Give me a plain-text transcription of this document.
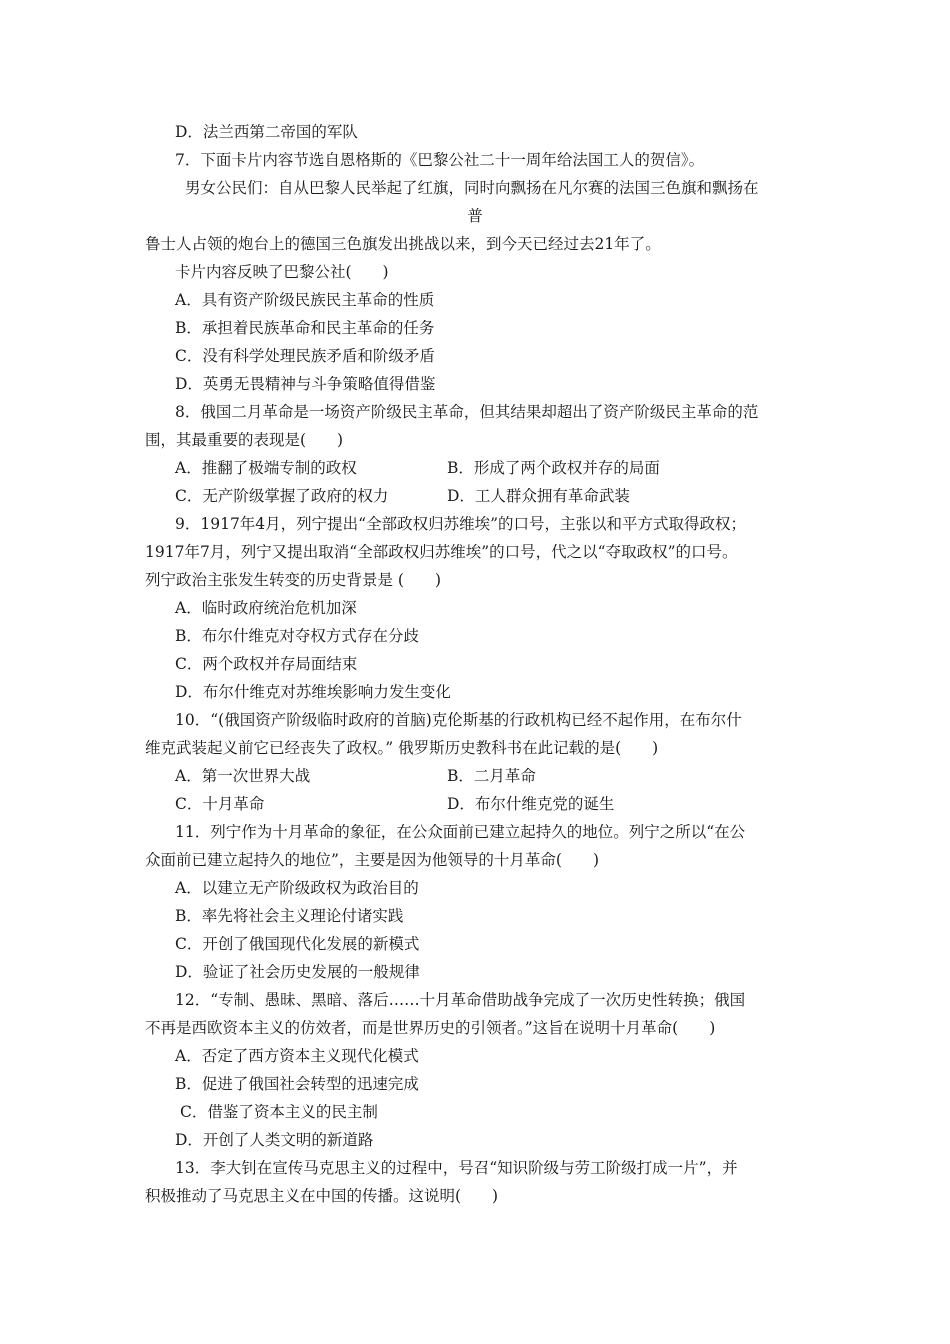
D．法兰西第二帝国的军队
7．下面卡片内容节选自恩格斯的《巴黎公社二十一周年给法国工人的贺信》。
男女公民们：自从巴黎人民举起了红旗，同时向飘扬在凡尔赛的法国三色旗和飘扬在
普
鲁士人占领的炮台上的德国三色旗发出挑战以来，到今天已经过去21年了。
卡片内容反映了巴黎公社(　　)
A．具有资产阶级民族民主革命的性质
B．承担着民族革命和民主革命的任务
C．没有科学处理民族矛盾和阶级矛盾
D．英勇无畏精神与斗争策略值得借鉴
8．俄国二月革命是一场资产阶级民主革命，但其结果却超出了资产阶级民主革命的范
围，其最重要的表现是(　　)
A．推翻了极端专制的政权	B．形成了两个政权并存的局面
C．无产阶级掌握了政府的权力	D．工人群众拥有革命武装
9．1917年4月，列宁提出“全部政权归苏维埃”的口号，主张以和平方式取得政权；
1917年7月，列宁又提出取消“全部政权归苏维埃”的口号，代之以“夺取政权”的口号。
列宁政治主张发生转变的历史背景是 (　　)
A．临时政府统治危机加深
B．布尔什维克对夺权方式存在分歧
C．两个政权并存局面结束
D．布尔什维克对苏维埃影响力发生变化
10．“(俄国资产阶级临时政府的首脑)克伦斯基的行政机构已经不起作用，在布尔什
维克武装起义前它已经丧失了政权。” 俄罗斯历史教科书在此记载的是(　　)
A．第一次世界大战	B．二月革命
C．十月革命	D．布尔什维克党的诞生
11．列宁作为十月革命的象征，在公众面前已建立起持久的地位。列宁之所以“在公
众面前已建立起持久的地位”，主要是因为他领导的十月革命(　　)
A．以建立无产阶级政权为政治目的
B．率先将社会主义理论付诸实践
C．开创了俄国现代化发展的新模式
D．验证了社会历史发展的一般规律
12．“专制、愚昧、黑暗、落后……十月革命借助战争完成了一次历史性转换；俄国
不再是西欧资本主义的仿效者，而是世界历史的引领者。”这旨在说明十月革命(　　)
A．否定了西方资本主义现代化模式
B．促进了俄国社会转型的迅速完成
C．借鉴了资本主义的民主制
D．开创了人类文明的新道路
13．李大钊在宣传马克思主义的过程中，号召“知识阶级与劳工阶级打成一片”，并
积极推动了马克思主义在中国的传播。这说明(　　)
